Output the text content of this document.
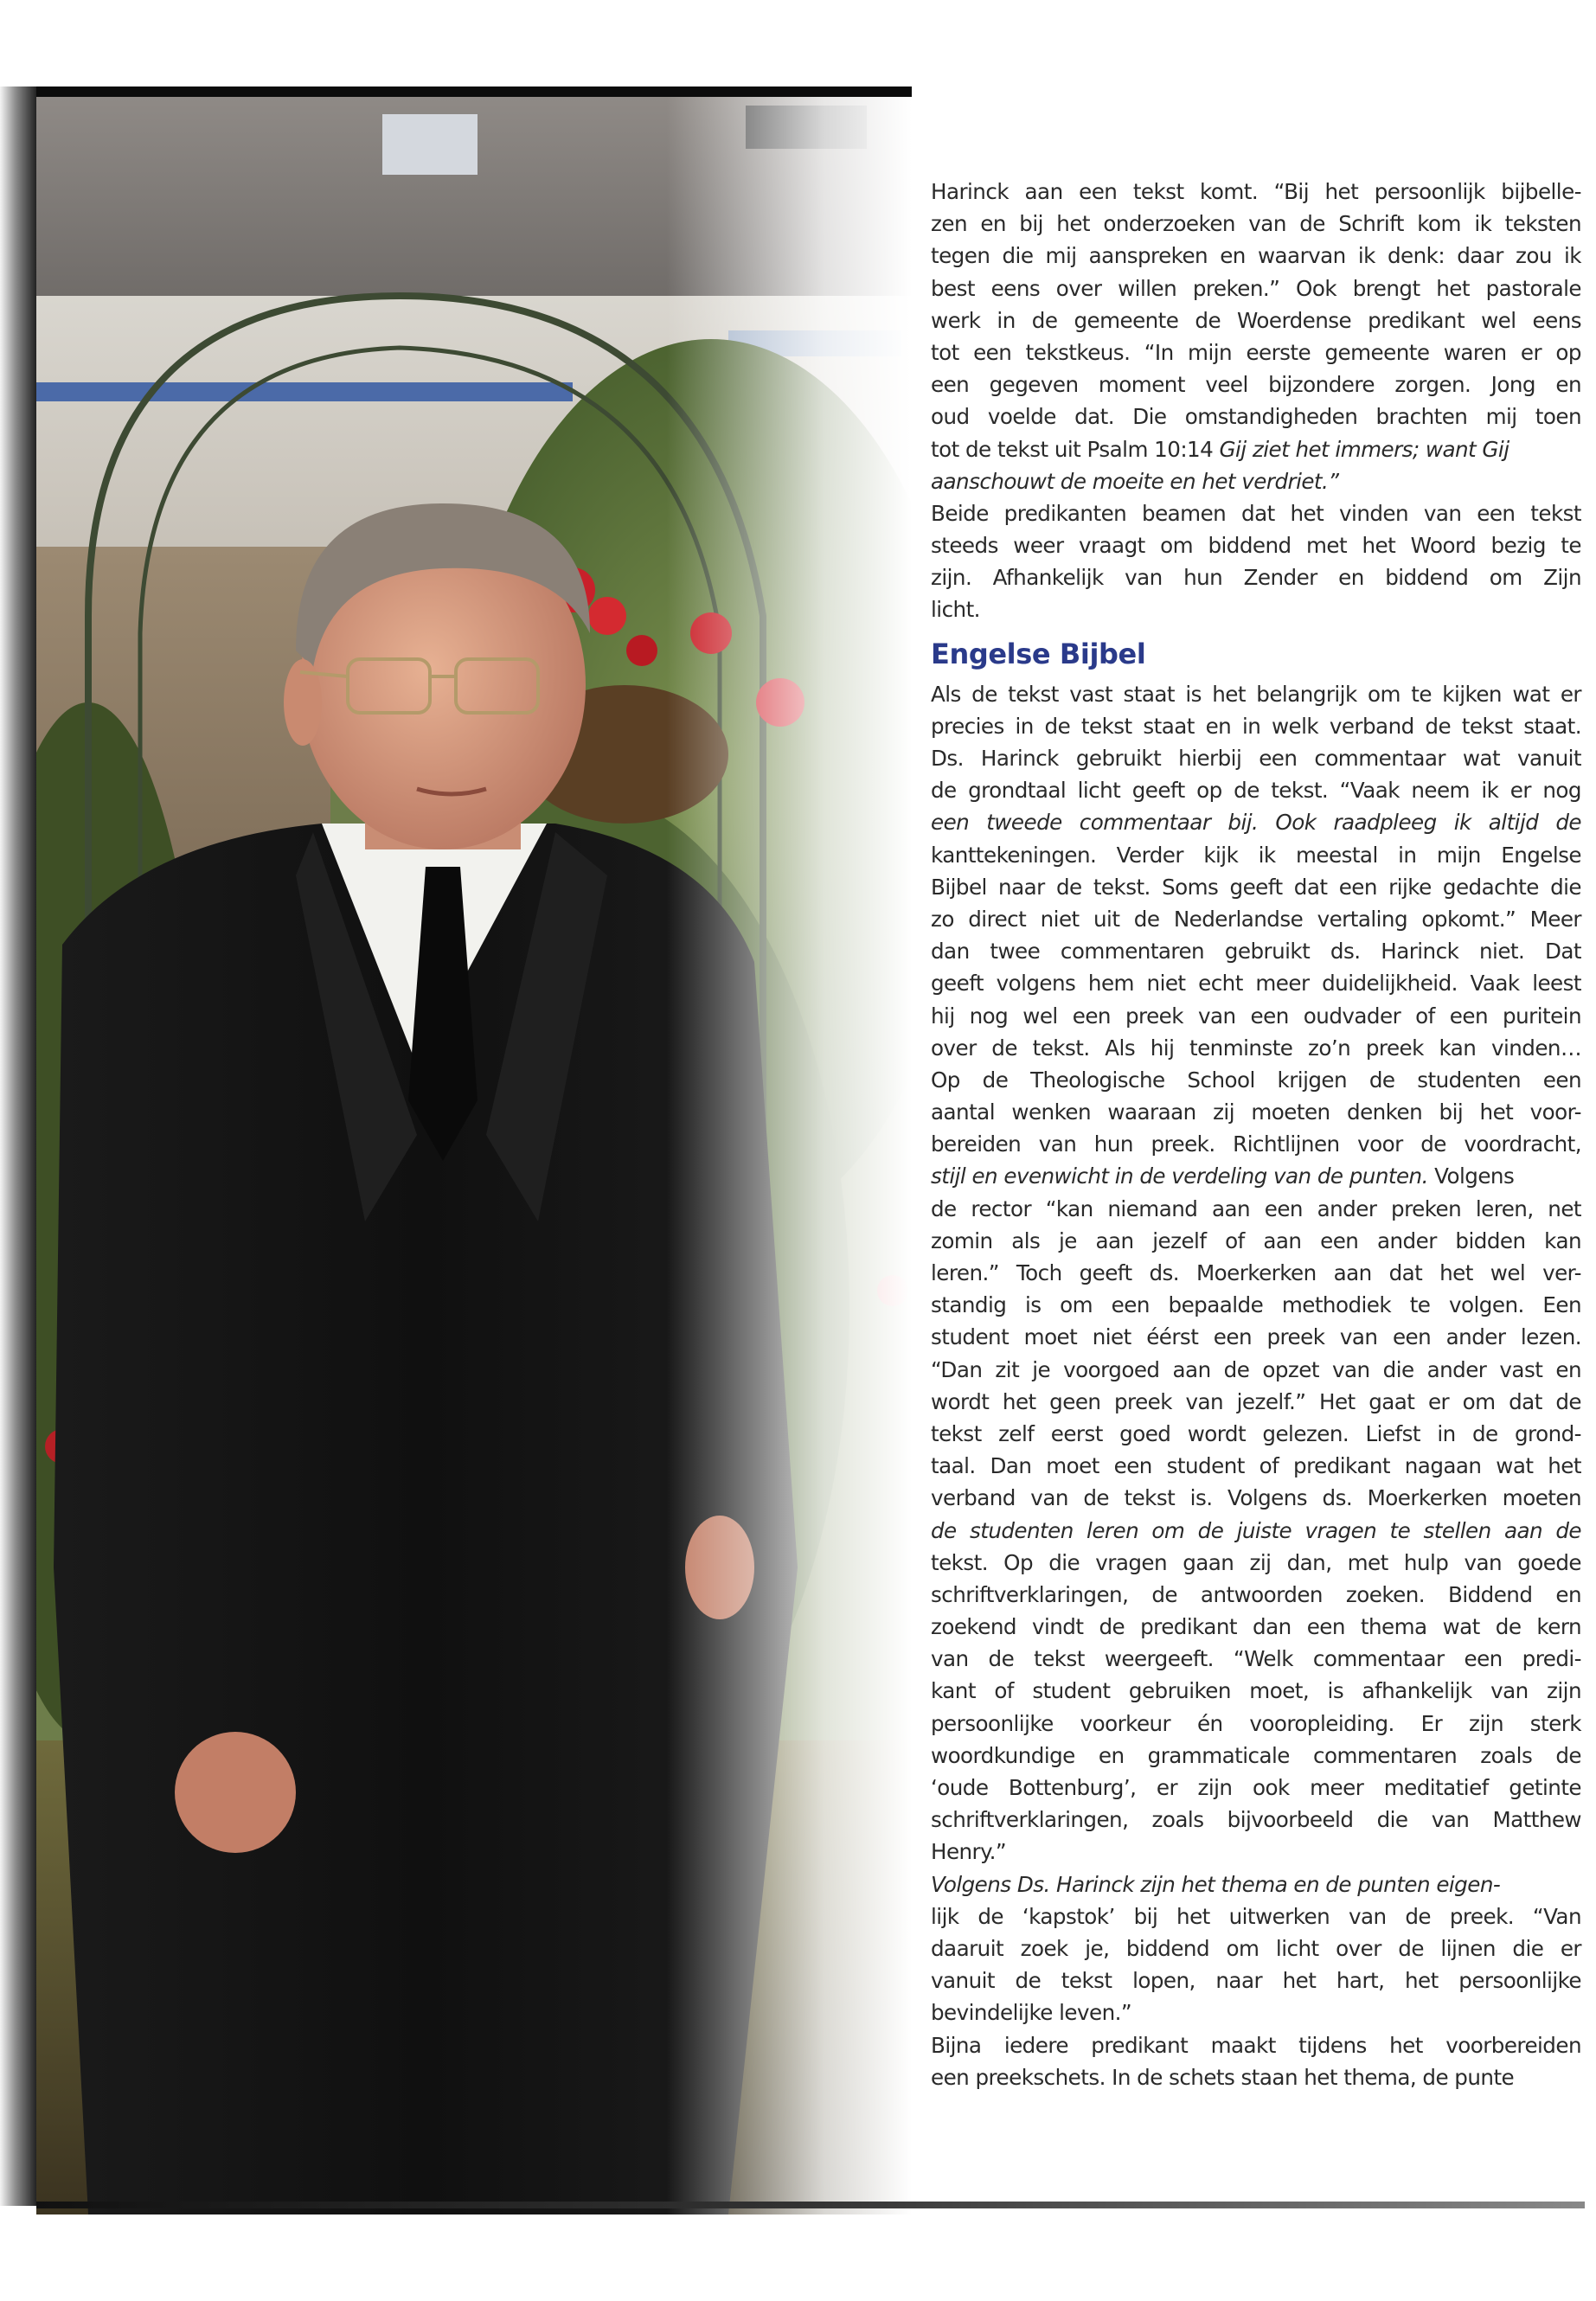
Harinck aan een tekst komt. “Bij het persoonlijk bijbelle-
zen en bij het onderzoeken van de Schrift kom ik teksten
tegen die mij aanspreken en waarvan ik denk: daar zou ik
best eens over willen preken.” Ook brengt het pastorale
werk in de gemeente de Woerdense predikant wel eens
tot een tekstkeus. “In mijn eerste gemeente waren er op
een gegeven moment veel bijzondere zorgen. Jong en
oud voelde dat. Die omstandigheden brachten mij toen
tot de tekst uit Psalm 10:14 Gij ziet het immers; want Gij
aanschouwt de moeite en het verdriet.”
Beide predikanten beamen dat het vinden van een tekst
steeds weer vraagt om biddend met het Woord bezig te
zijn. Afhankelijk van hun Zender en biddend om Zijn
licht.
Engelse Bijbel
Als de tekst vast staat is het belangrijk om te kijken wat er
precies in de tekst staat en in welk verband de tekst staat.
Ds. Harinck gebruikt hierbij een commentaar wat vanuit
de grondtaal licht geeft op de tekst. “Vaak neem ik er nog
een tweede commentaar bij. Ook raadpleeg ik altijd de
kanttekeningen. Verder kijk ik meestal in mijn Engelse
Bijbel naar de tekst. Soms geeft dat een rijke gedachte die
zo direct niet uit de Nederlandse vertaling opkomt.” Meer
dan twee commentaren gebruikt ds. Harinck niet. Dat
geeft volgens hem niet echt meer duidelijkheid. Vaak leest
hij nog wel een preek van een oudvader of een puritein
over de tekst. Als hij tenminste zo’n preek kan vinden…
Op de Theologische School krijgen de studenten een
aantal wenken waaraan zij moeten denken bij het voor-
bereiden van hun preek. Richtlijnen voor de voordracht,
stijl en evenwicht in de verdeling van de punten. Volgens
de rector “kan niemand aan een ander preken leren, net
zomin als je aan jezelf of aan een ander bidden kan
leren.” Toch geeft ds. Moerkerken aan dat het wel ver-
standig is om een bepaalde methodiek te volgen. Een
student moet niet éérst een preek van een ander lezen.
“Dan zit je voorgoed aan de opzet van die ander vast en
wordt het geen preek van jezelf.” Het gaat er om dat de
tekst zelf eerst goed wordt gelezen. Liefst in de grond-
taal. Dan moet een student of predikant nagaan wat het
verband van de tekst is. Volgens ds. Moerkerken moeten
de studenten leren om de juiste vragen te stellen aan de
tekst. Op die vragen gaan zij dan, met hulp van goede
schriftverklaringen, de antwoorden zoeken. Biddend en
zoekend vindt de predikant dan een thema wat de kern
van de tekst weergeeft. “Welk commentaar een predi-
kant of student gebruiken moet, is afhankelijk van zijn
persoonlijke voorkeur én vooropleiding. Er zijn sterk
woordkundige en grammaticale commentaren zoals de
‘oude Bottenburg’, er zijn ook meer meditatief getinte
schriftverklaringen, zoals bijvoorbeeld die van Matthew
Henry.”
Volgens Ds. Harinck zijn het thema en de punten eigen-
lijk de ‘kapstok’ bij het uitwerken van de preek. “Van
daaruit zoek je, biddend om licht over de lijnen die er
vanuit de tekst lopen, naar het hart, het persoonlijke
bevindelijke leven.”
Bijna iedere predikant maakt tijdens het voorbereiden
een preekschets. In de schets staan het thema, de punte
